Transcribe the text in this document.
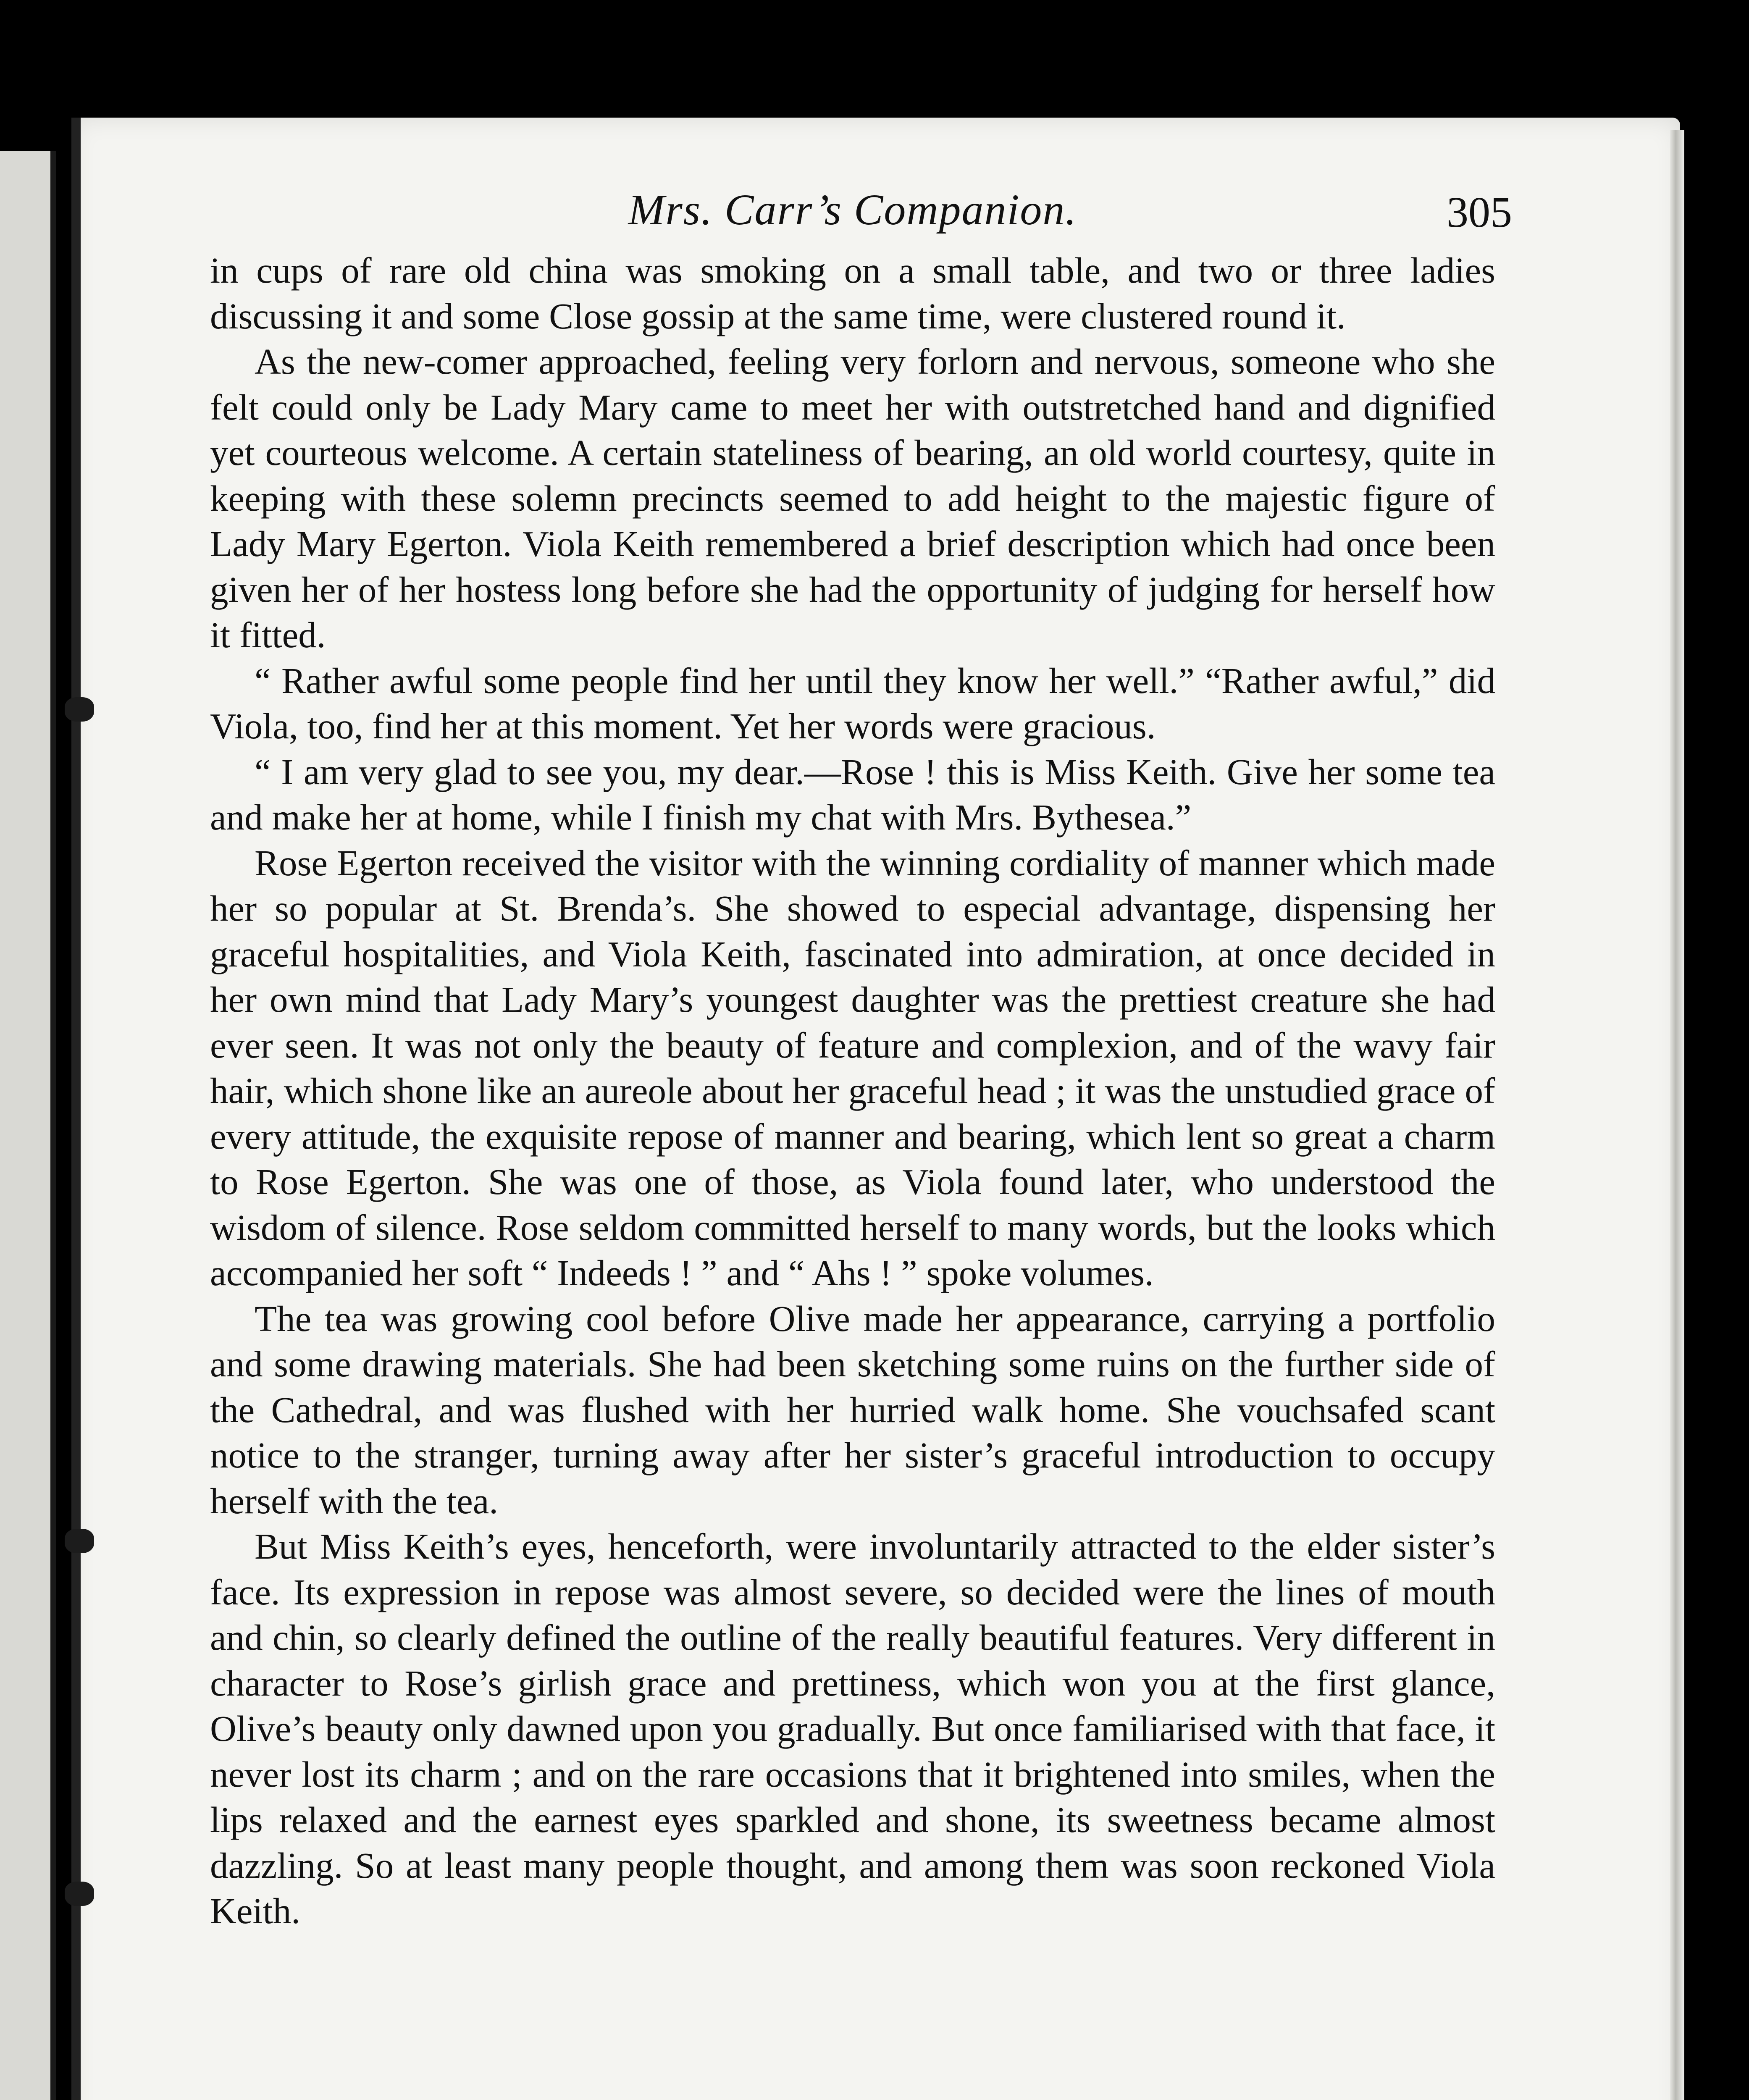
Mrs. Carr’s Companion.	305

in cups of rare old china was smoking on a small table, and two or three ladies discussing it and some Close gossip at the same time, were clustered round it.

As the new-comer approached, feeling very forlorn and nervous, someone who she felt could only be Lady Mary came to meet her with outstretched hand and dignified yet courteous welcome. A certain stateliness of bearing, an old world courtesy, quite in keeping with these solemn precincts seemed to add height to the majestic figure of Lady Mary Egerton. Viola Keith remembered a brief description which had once been given her of her hostess long before she had the opportunity of judging for herself how it fitted.

“ Rather awful some people find her until they know her well.” “Rather awful,” did Viola, too, find her at this moment. Yet her words were gracious.

“ I am very glad to see you, my dear.—Rose ! this is Miss Keith. Give her some tea and make her at home, while I finish my chat with Mrs. Bythesea.”

Rose Egerton received the visitor with the winning cordiality of manner which made her so popular at St. Brenda’s. She showed to especial advantage, dispensing her graceful hospitalities, and Viola Keith, fascinated into admiration, at once decided in her own mind that Lady Mary’s youngest daughter was the prettiest creature she had ever seen. It was not only the beauty of feature and complexion, and of the wavy fair hair, which shone like an aureole about her graceful head ; it was the unstudied grace of every attitude, the exquisite repose of manner and bearing, which lent so great a charm to Rose Egerton. She was one of those, as Viola found later, who understood the wisdom of silence. Rose seldom committed herself to many words, but the looks which accompanied her soft “ Indeeds ! ” and “ Ahs ! ” spoke volumes.

The tea was growing cool before Olive made her appearance, carrying a portfolio and some drawing materials. She had been sketching some ruins on the further side of the Cathedral, and was flushed with her hurried walk home. She vouchsafed scant notice to the stranger, turning away after her sister’s graceful introduction to occupy herself with the tea.

But Miss Keith’s eyes, henceforth, were involuntarily attracted to the elder sister’s face. Its expression in repose was almost severe, so decided were the lines of mouth and chin, so clearly defined the outline of the really beautiful features. Very different in character to Rose’s girlish grace and prettiness, which won you at the first glance, Olive’s beauty only dawned upon you gradually. But once familiarised with that face, it never lost its charm ; and on the rare occasions that it brightened into smiles, when the lips relaxed and the earnest eyes sparkled and shone, its sweetness became almost dazzling. So at least many people thought, and among them was soon reckoned Viola Keith.
